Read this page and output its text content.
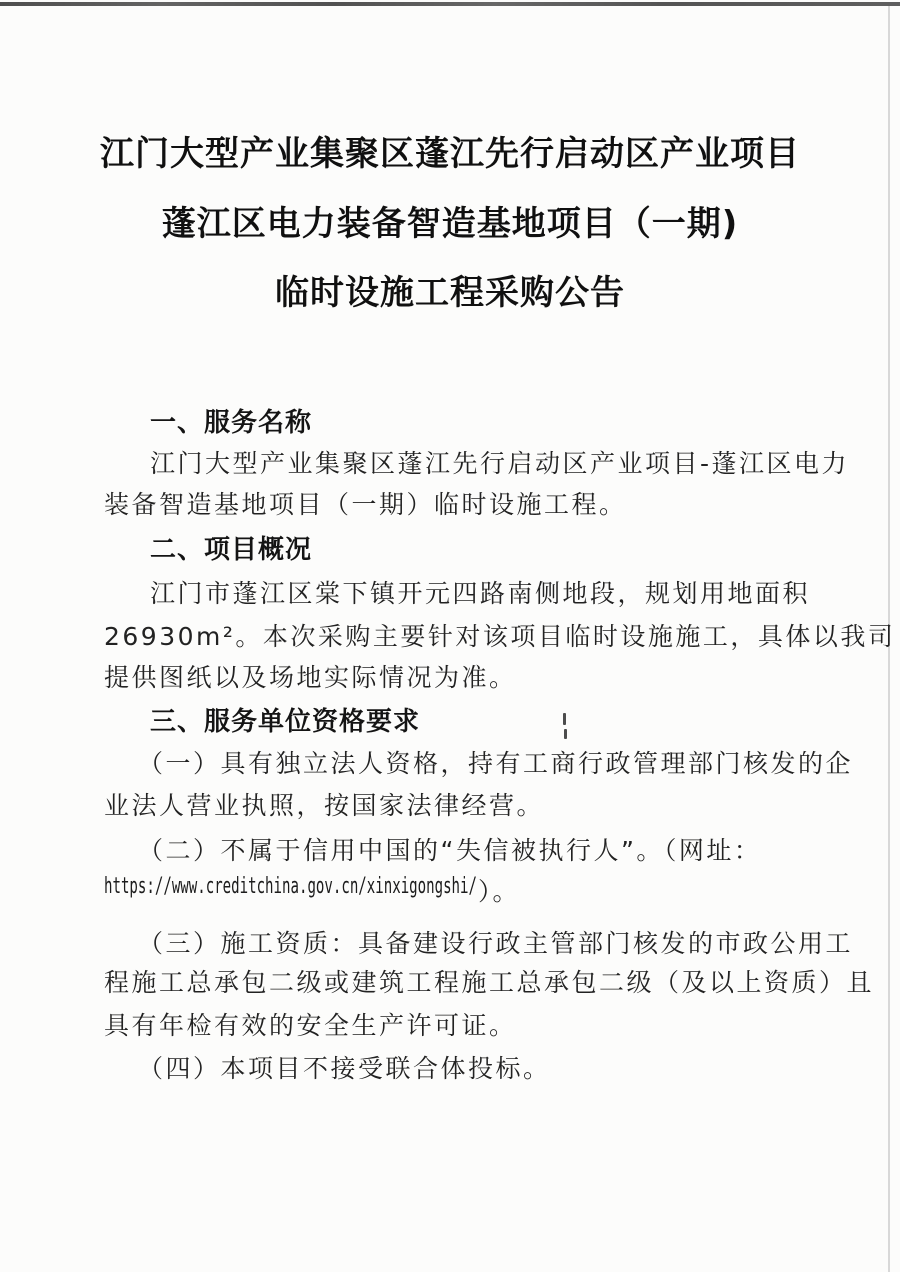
江门大型产业集聚区蓬江先行启动区产业项目
蓬江区电力装备智造基地项目（一期)
临时设施工程采购公告
一、服务名称
江门大型产业集聚区蓬江先行启动区产业项目-蓬江区电力
装备智造基地项目（一期）临时设施工程。
二、项目概况
江门市蓬江区棠下镇开元四路南侧地段，规划用地面积
26930m²。本次采购主要针对该项目临时设施施工，具体以我司
提供图纸以及场地实际情况为准。
三、服务单位资格要求
（一）具有独立法人资格，持有工商行政管理部门核发的企
业法人营业执照，按国家法律经营。
（二）不属于信用中国的“失信被执行人”。（网址：
https://www.creditchina.gov.cn/xinxigongshi/ ）。
（三）施工资质：具备建设行政主管部门核发的市政公用工
程施工总承包二级或建筑工程施工总承包二级（及以上资质）且
具有年检有效的安全生产许可证。
（四）本项目不接受联合体投标。
